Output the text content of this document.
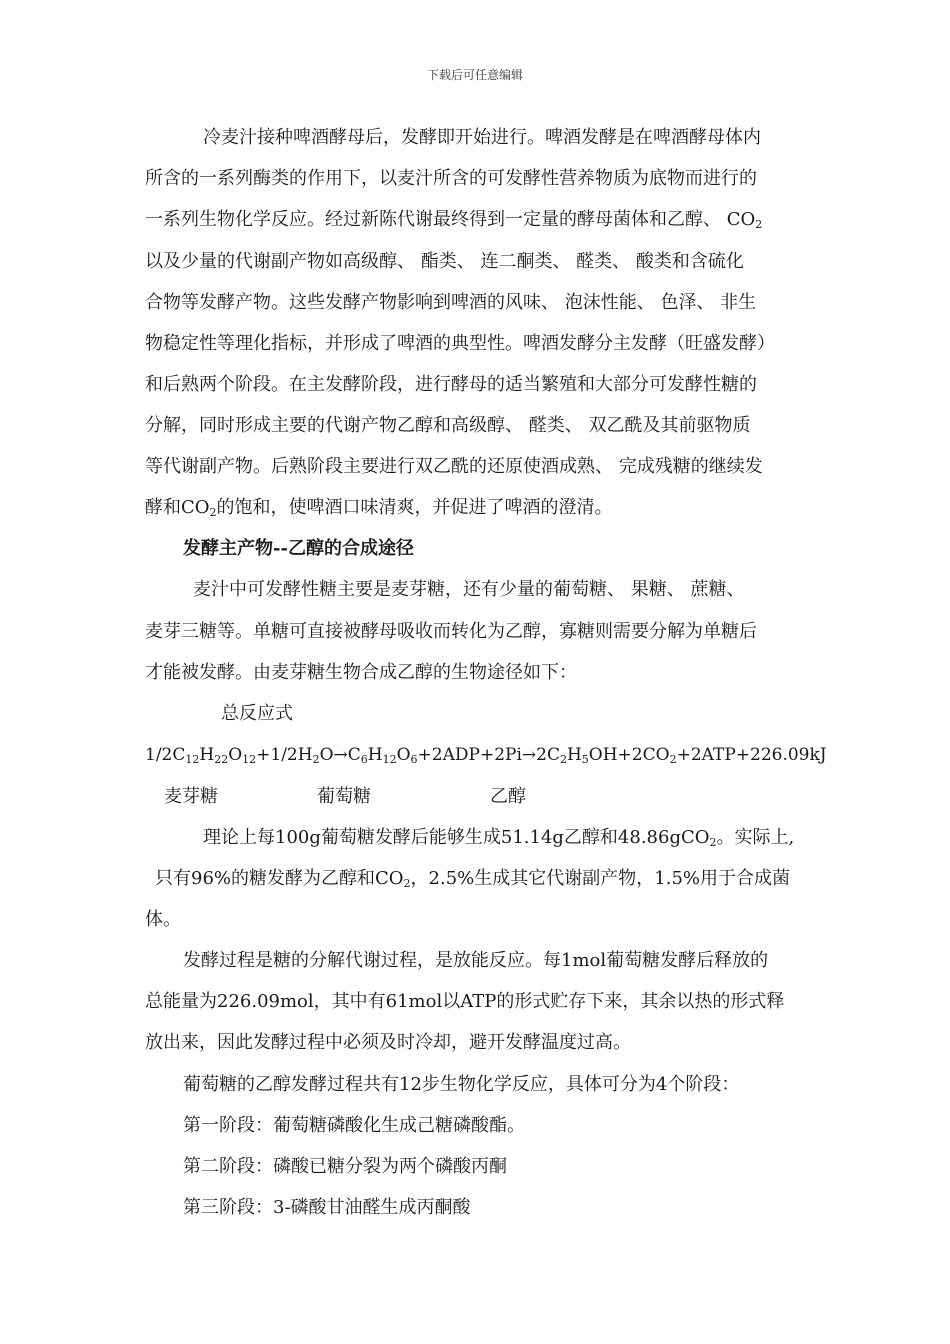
下载后可任意编辑
冷麦汁接种啤酒酵母后，发酵即开始进行。啤酒发酵是在啤酒酵母体内
所含的一系列酶类的作用下，以麦汁所含的可发酵性营养物质为底物而进行的
一系列生物化学反应。经过新陈代谢最终得到一定量的酵母菌体和乙醇、 $CO_2$
以及少量的代谢副产物如高级醇、 酯类、 连二酮类、 醛类、 酸类和含硫化
合物等发酵产物。这些发酵产物影响到啤酒的风味、 泡沫性能、 色泽、 非生
物稳定性等理化指标，并形成了啤酒的典型性。啤酒发酵分主发酵（旺盛发酵）
和后熟两个阶段。在主发酵阶段，进行酵母的适当繁殖和大部分可发酵性糖的
分解，同时形成主要的代谢产物乙醇和高级醇、 醛类、 双乙酰及其前驱物质
等代谢副产物。后熟阶段主要进行双乙酰的还原使酒成熟、 完成残糖的继续发
酵和$CO_2$的饱和，使啤酒口味清爽，并促进了啤酒的澄清。
发酵主产物--乙醇的合成途径
麦汁中可发酵性糖主要是麦芽糖，还有少量的葡萄糖、 果糖、 蔗糖、
麦芽三糖等。单糖可直接被酵母吸收而转化为乙醇，寡糖则需要分解为单糖后
才能被发酵。由麦芽糖生物合成乙醇的生物途径如下：
总反应式
$1/2C_{12}H_{22}O_{12}+1/2H_2O\to C_6H_{12}O_6+2ADP+2Pi\to 2C_2H_5OH+2CO_2+2ATP+226.09kJ$
麦芽糖	葡萄糖	乙醇
理论上每100g葡萄糖发酵后能够生成51.14g乙醇和48.86gCO$_2$。实际上,
只有96%的糖发酵为乙醇和$CO_2$，2.5%生成其它代谢副产物，1.5%用于合成菌
体。
发酵过程是糖的分解代谢过程，是放能反应。每1mol葡萄糖发酵后释放的
总能量为226.09mol，其中有61mol以ATP的形式贮存下来，其余以热的形式释
放出来，因此发酵过程中必须及时冷却，避开发酵温度过高。
葡萄糖的乙醇发酵过程共有12步生物化学反应，具体可分为4个阶段：
第一阶段：葡萄糖磷酸化生成己糖磷酸酯。
第二阶段：磷酸已糖分裂为两个磷酸丙酮
第三阶段：3-磷酸甘油醛生成丙酮酸
